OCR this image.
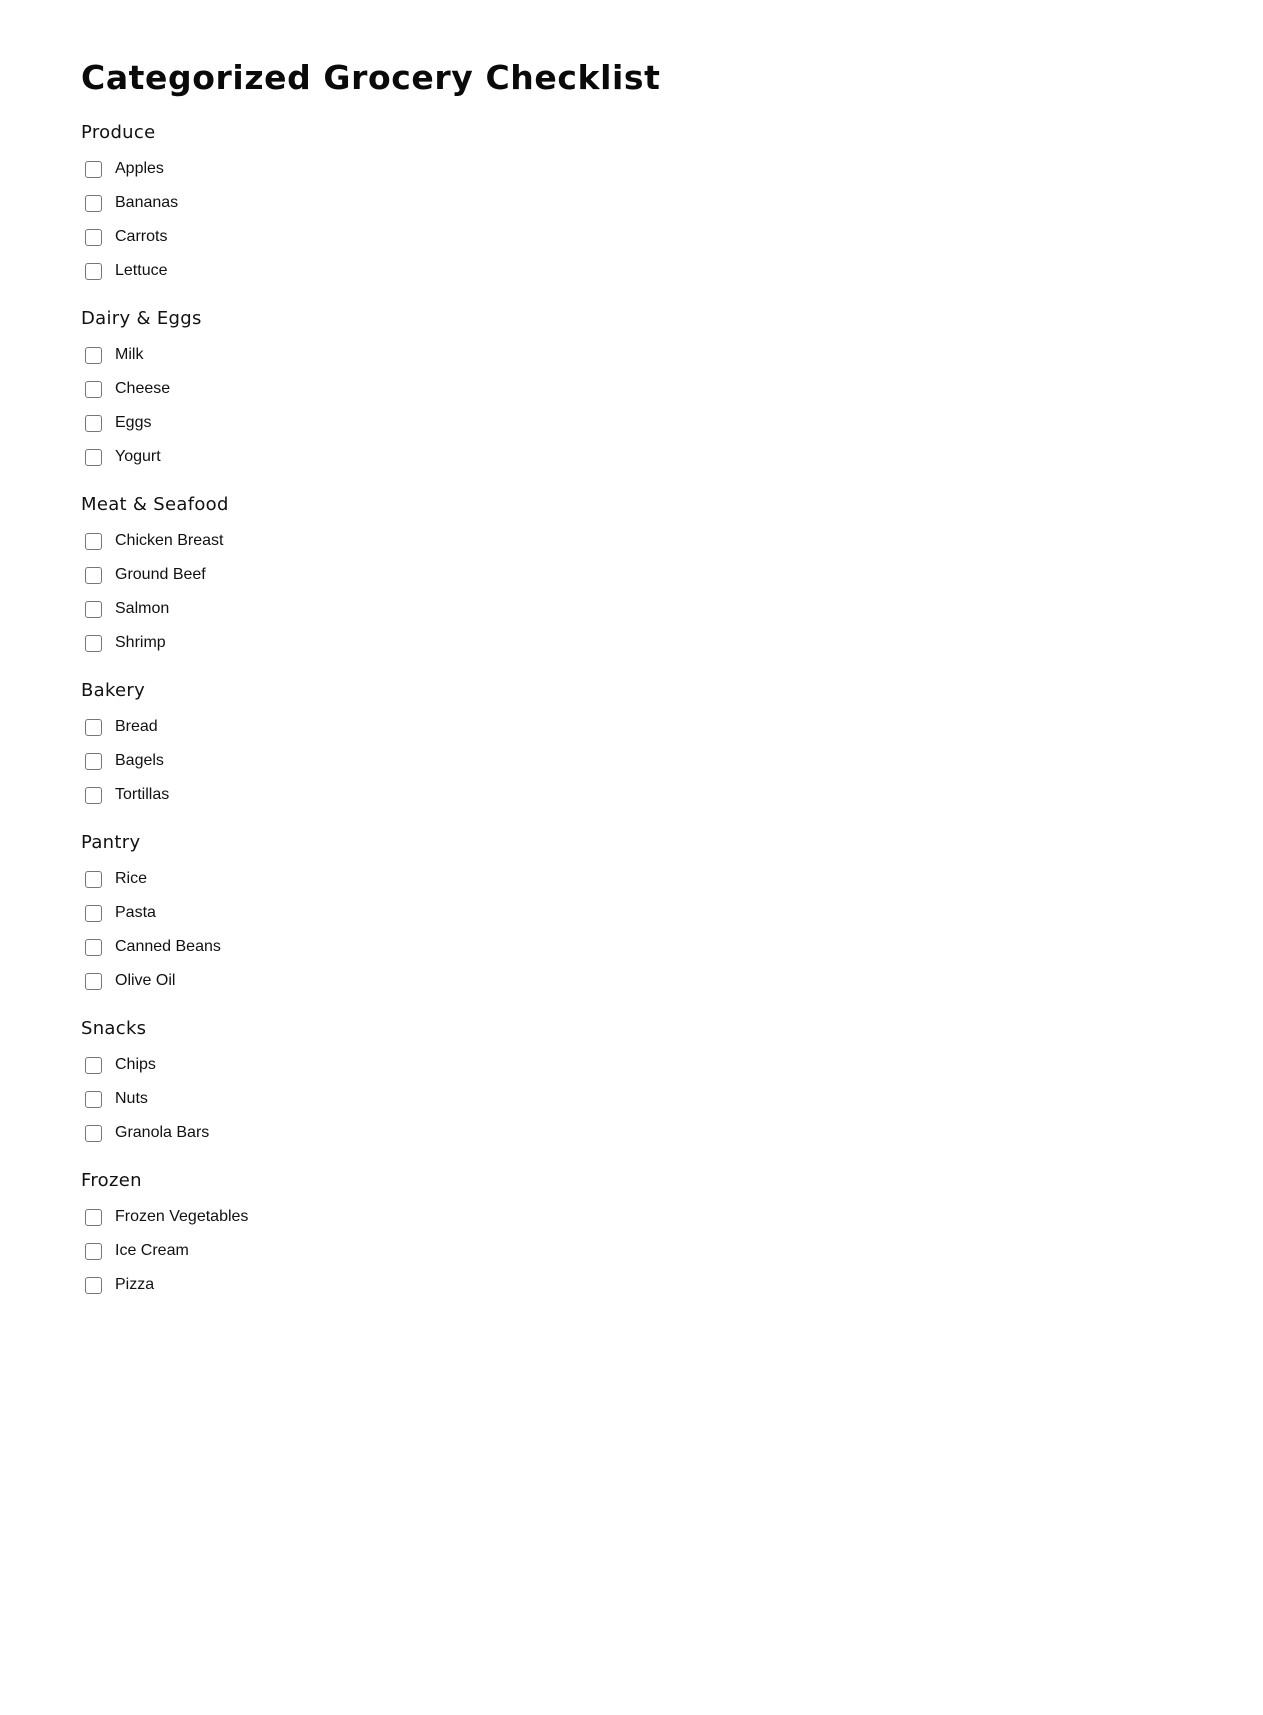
Categorized Grocery Checklist
Produce
Apples
Bananas
Carrots
Lettuce
Dairy & Eggs
Milk
Cheese
Eggs
Yogurt
Meat & Seafood
Chicken Breast
Ground Beef
Salmon
Shrimp
Bakery
Bread
Bagels
Tortillas
Pantry
Rice
Pasta
Canned Beans
Olive Oil
Snacks
Chips
Nuts
Granola Bars
Frozen
Frozen Vegetables
Ice Cream
Pizza
